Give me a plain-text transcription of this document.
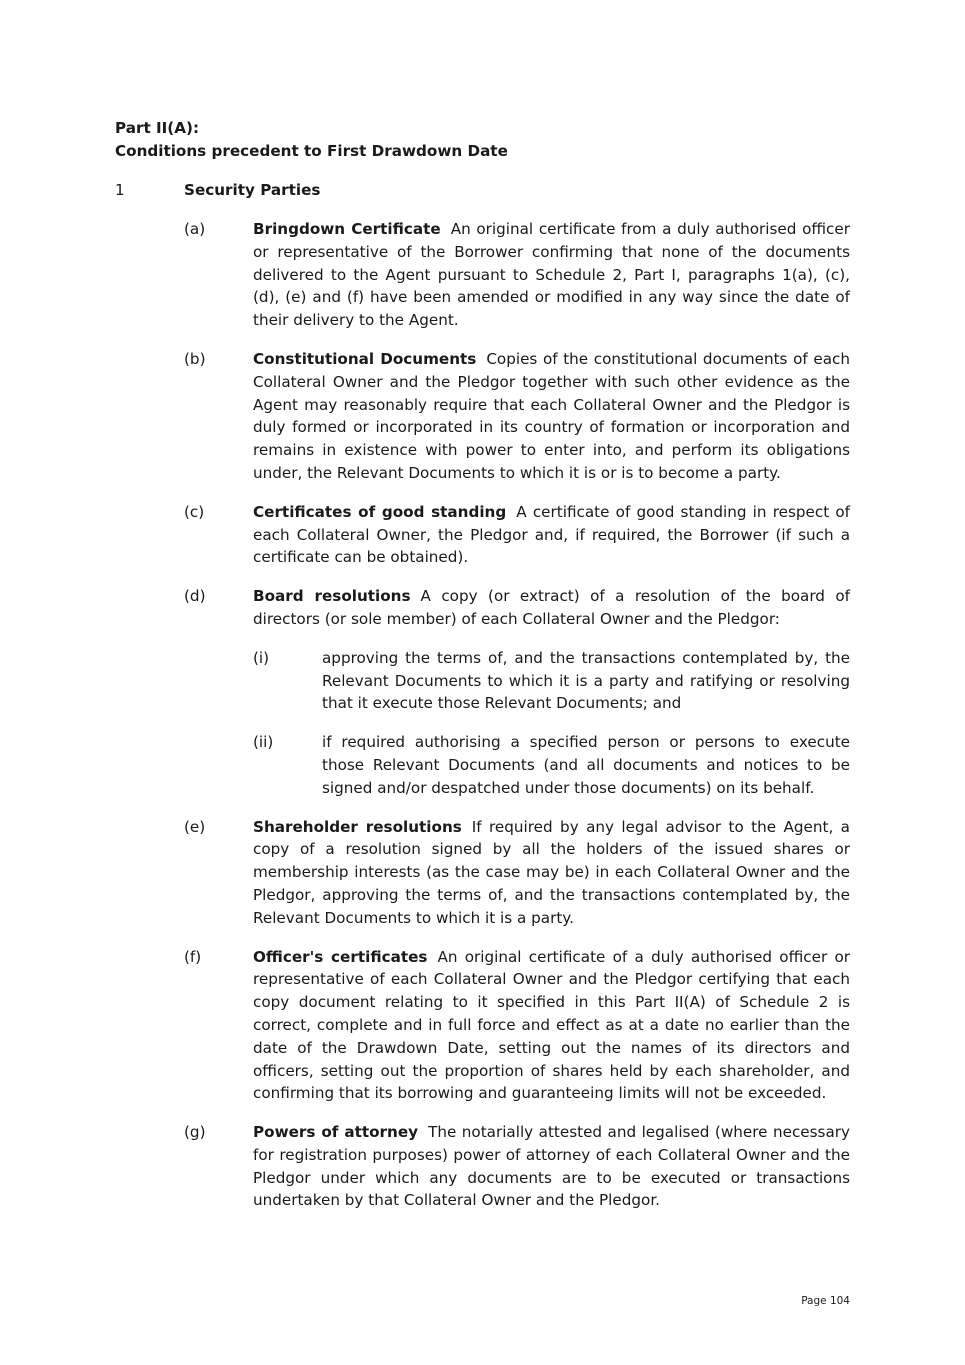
Part II(A):
Conditions precedent to First Drawdown Date
1	Security Parties
(a)	Bringdown Certificate An original certificate from a duly authorised officer or representative of the Borrower confirming that none of the documents delivered to the Agent pursuant to Schedule 2, Part I, paragraphs 1(a), (c), (d), (e) and (f) have been amended or modified in any way since the date of their delivery to the Agent.
(b)	Constitutional Documents Copies of the constitutional documents of each Collateral Owner and the Pledgor together with such other evidence as the Agent may reasonably require that each Collateral Owner and the Pledgor is duly formed or incorporated in its country of formation or incorporation and remains in existence with power to enter into, and perform its obligations under, the Relevant Documents to which it is or is to become a party.
(c)	Certificates of good standing A certificate of good standing in respect of each Collateral Owner, the Pledgor and, if required, the Borrower (if such a certificate can be obtained).
(d)	Board resolutions A copy (or extract) of a resolution of the board of directors (or sole member) of each Collateral Owner and the Pledgor:
(i)	approving the terms of, and the transactions contemplated by, the Relevant Documents to which it is a party and ratifying or resolving that it execute those Relevant Documents; and
(ii)	if required authorising a specified person or persons to execute those Relevant Documents (and all documents and notices to be signed and/or despatched under those documents) on its behalf.
(e)	Shareholder resolutions If required by any legal advisor to the Agent, a copy of a resolution signed by all the holders of the issued shares or membership interests (as the case may be) in each Collateral Owner and the Pledgor, approving the terms of, and the transactions contemplated by, the Relevant Documents to which it is a party.
(f)	Officer's certificates An original certificate of a duly authorised officer or representative of each Collateral Owner and the Pledgor certifying that each copy document relating to it specified in this Part II(A) of Schedule 2 is correct, complete and in full force and effect as at a date no earlier than the date of the Drawdown Date, setting out the names of its directors and officers, setting out the proportion of shares held by each shareholder, and confirming that its borrowing and guaranteeing limits will not be exceeded.
(g)	Powers of attorney The notarially attested and legalised (where necessary for registration purposes) power of attorney of each Collateral Owner and the Pledgor under which any documents are to be executed or transactions undertaken by that Collateral Owner and the Pledgor.
Page 104
